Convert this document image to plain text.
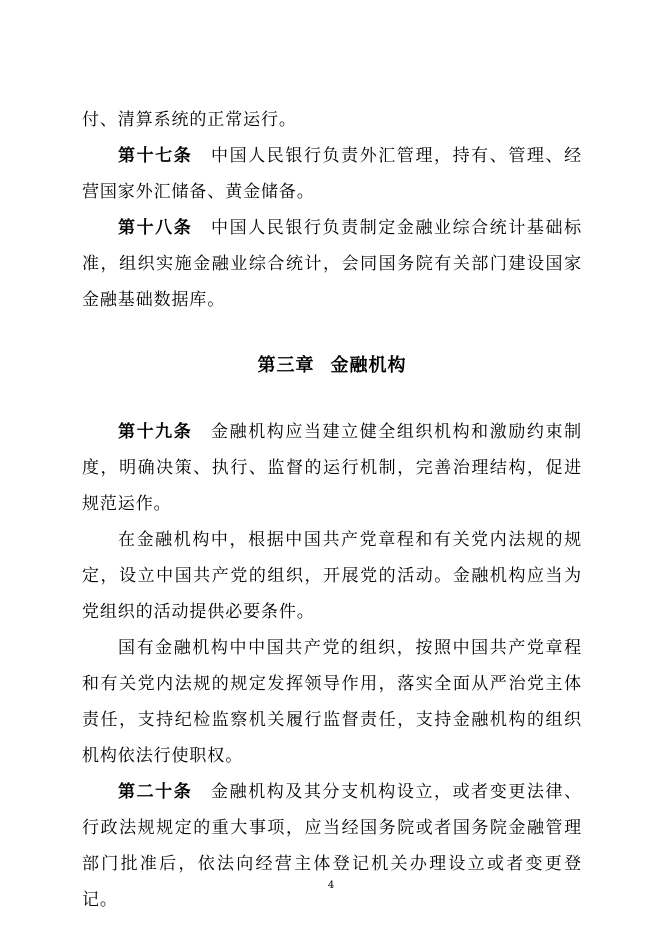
付、清算系统的正常运行。

第十七条 中国人民银行负责外汇管理，持有、管理、经营国家外汇储备、黄金储备。

第十八条 中国人民银行负责制定金融业综合统计基础标准，组织实施金融业综合统计，会同国务院有关部门建设国家金融基础数据库。

第三章 金融机构

第十九条 金融机构应当建立健全组织机构和激励约束制度，明确决策、执行、监督的运行机制，完善治理结构，促进规范运作。

在金融机构中，根据中国共产党章程和有关党内法规的规定，设立中国共产党的组织，开展党的活动。金融机构应当为党组织的活动提供必要条件。

国有金融机构中中国共产党的组织，按照中国共产党章程和有关党内法规的规定发挥领导作用，落实全面从严治党主体责任，支持纪检监察机关履行监督责任，支持金融机构的组织机构依法行使职权。

第二十条 金融机构及其分支机构设立，或者变更法律、行政法规规定的重大事项，应当经国务院或者国务院金融管理部门批准后，依法向经营主体登记机关办理设立或者变更登记。

4
